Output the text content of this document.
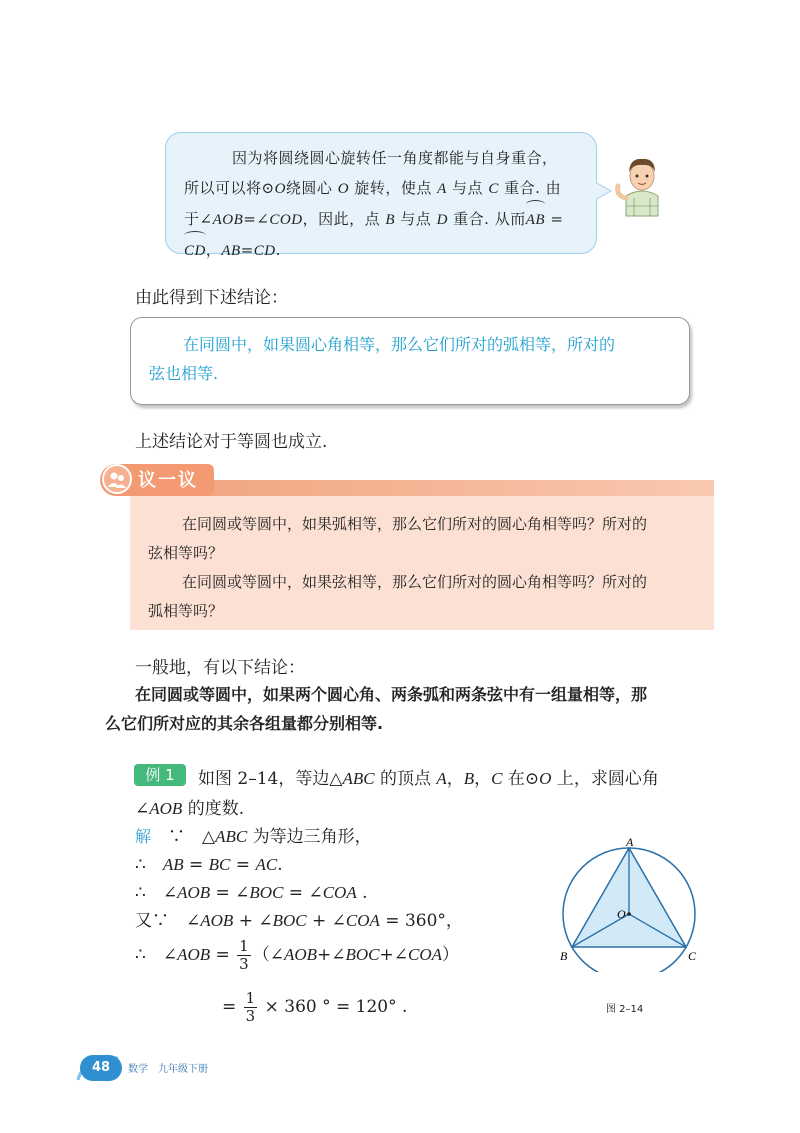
因为将圆绕圆心旋转任一角度都能与自身重合，
所以可以将⊙O绕圆心 O 旋转，使点 A 与点 C 重合. 由
于∠AOB=∠COD，因此，点 B 与点 D 重合. 从而AB =
CD，AB=CD.
由此得到下述结论：
在同圆中，如果圆心角相等，那么它们所对的弧相等，所对的
弦也相等.
上述结论对于等圆也成立.
议一议
在同圆或等圆中，如果弧相等，那么它们所对的圆心角相等吗？所对的
弦相等吗？
在同圆或等圆中，如果弦相等，那么它们所对的圆心角相等吗？所对的
弧相等吗？
一般地，有以下结论：
在同圆或等圆中，如果两个圆心角、两条弧和两条弦中有一组量相等，那
么它们所对应的其余各组量都分别相等.
例 1	如图 2–14，等边△ABC 的顶点 A，B，C 在⊙O 上，求圆心角
∠AOB 的度数.
解　 ∵　△ABC 为等边三角形，
∴　AB = BC = AC.
∴　∠AOB = ∠BOC = ∠COA .
又∵　∠AOB + ∠BOC + ∠COA = 360°，
∴　∠AOB = $\frac{1}{3}$ （∠AOB+∠BOC+∠COA）
= $\frac{1}{3} \times 360$ ° = 120° .
A
B	C
O
图 2–14
48	数学　九年级下册
